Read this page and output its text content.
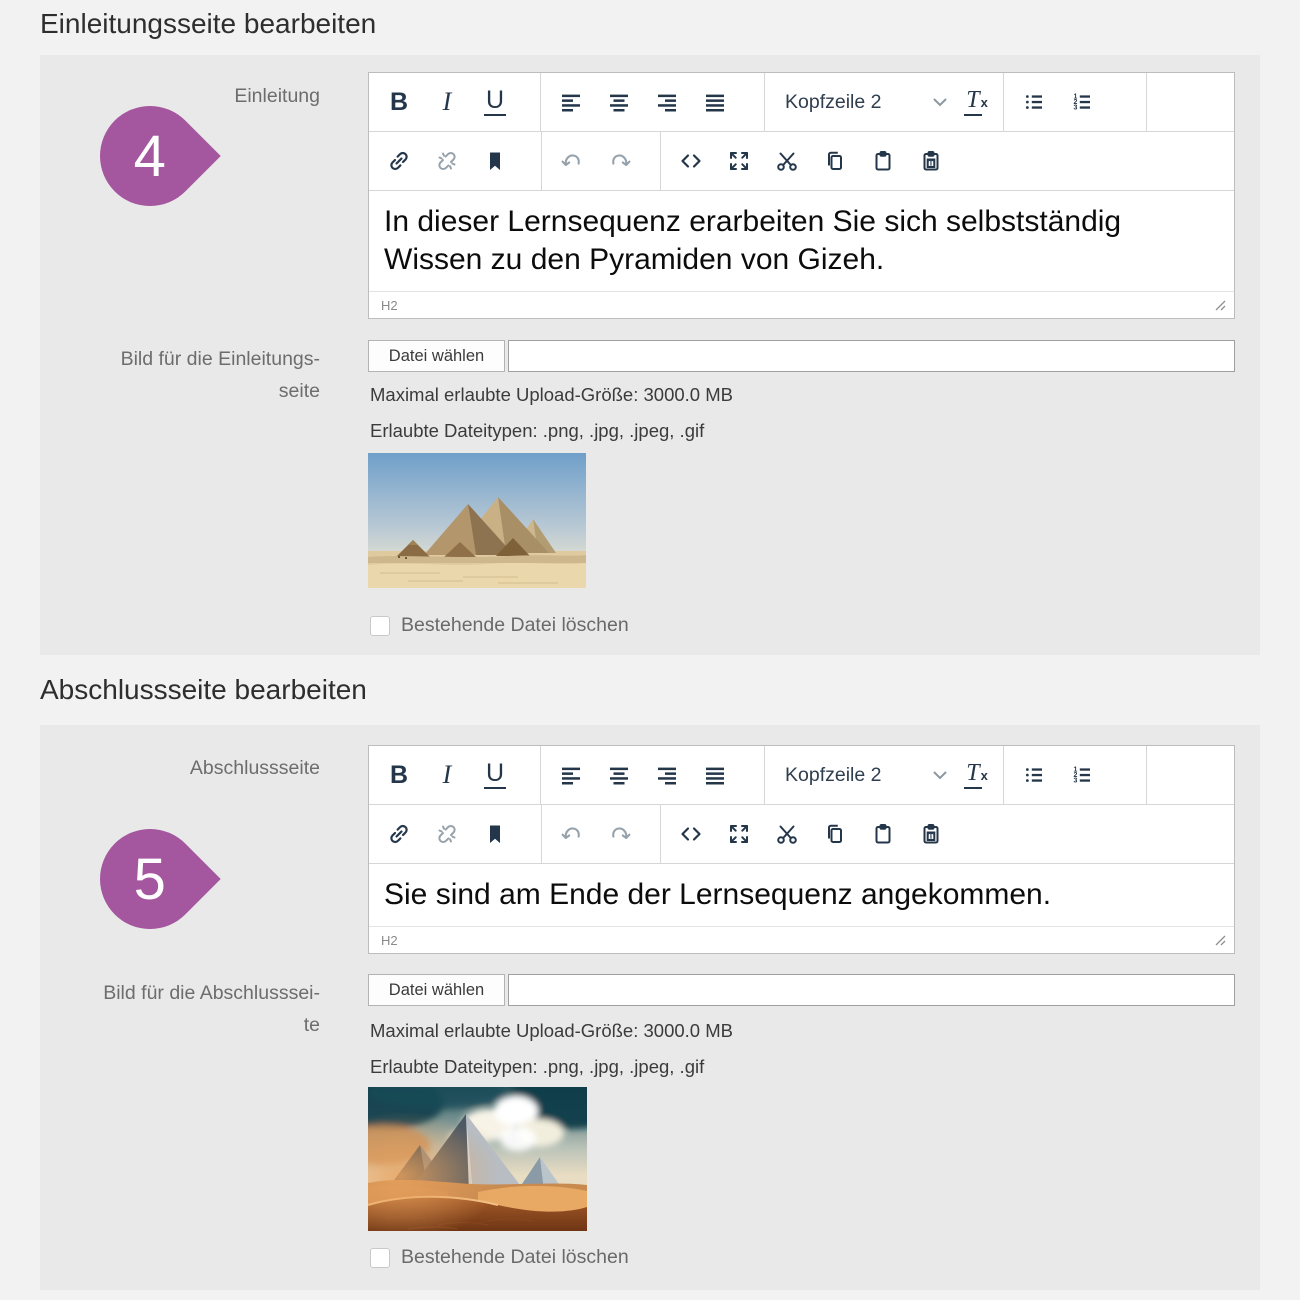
Einleitungsseite bearbeiten
Einleitung
4
B I U	Kopfzeile 2	T x	1
2
3
T
In dieser Lernsequenz erarbeiten Sie sich selbstständig
Wissen zu den Pyramiden von Gizeh.
H2
Bild für die Einleitungs-
seite
Datei wählen
Maximal erlaubte Upload-Größe: 3000.0 MB
Erlaubte Dateitypen: .png, .jpg, .jpeg, .gif
Bestehende Datei löschen
Abschlussseite bearbeiten
Abschlussseite
5
B I U	Kopfzeile 2	T x	1
2
3
T
Sie sind am Ende der Lernsequenz angekommen.
H2
Bild für die Abschlusssei-
te
Datei wählen
Maximal erlaubte Upload-Größe: 3000.0 MB
Erlaubte Dateitypen: .png, .jpg, .jpeg, .gif
Bestehende Datei löschen
